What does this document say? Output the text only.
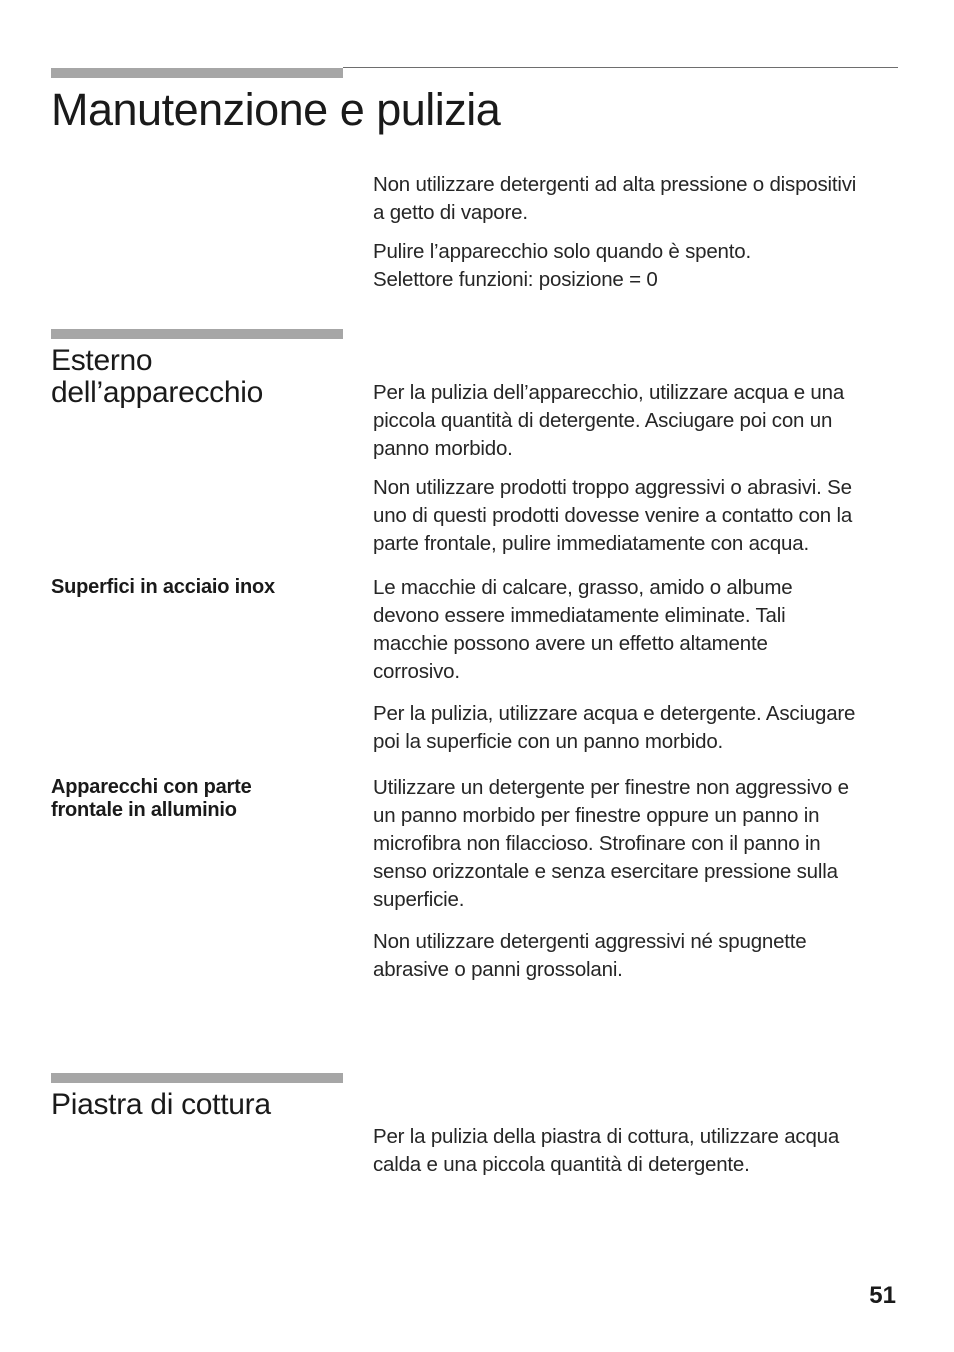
Manutenzione e pulizia

Non utilizzare detergenti ad alta pressione o dispositivi
a getto di vapore.

Pulire l’apparecchio solo quando è spento.
Selettore funzioni: posizione = 0

Esterno
dell’apparecchio	Per la pulizia dell’apparecchio, utilizzare acqua e una
piccola quantità di detergente. Asciugare poi con un
panno morbido.

Non utilizzare prodotti troppo aggressivi o abrasivi. Se
uno di questi prodotti dovesse venire a contatto con la
parte frontale, pulire immediatamente con acqua.

Superfici in acciaio inox	Le macchie di calcare, grasso, amido o albume
devono essere immediatamente eliminate. Tali
macchie possono avere un effetto altamente
corrosivo.

Per la pulizia, utilizzare acqua e detergente. Asciugare
poi la superficie con un panno morbido.

Apparecchi con parte
frontale in alluminio

Utilizzare un detergente per finestre non aggressivo e
un panno morbido per finestre oppure un panno in
microfibra non filaccioso. Strofinare con il panno in
senso orizzontale e senza esercitare pressione sulla
superficie.

Non utilizzare detergenti aggressivi né spugnette
abrasive o panni grossolani.

Piastra di cottura

Per la pulizia della piastra di cottura, utilizzare acqua
calda e una piccola quantità di detergente.

51
